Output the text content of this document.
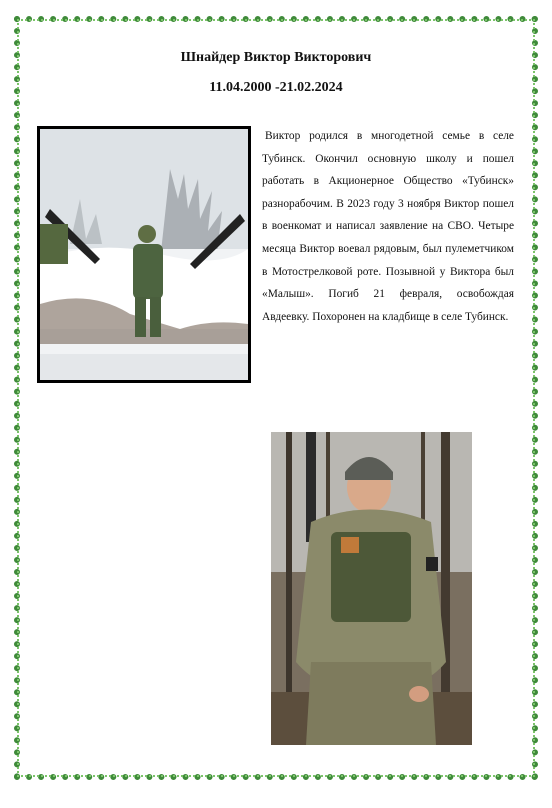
Шнайдер Виктор Викторович
11.04.2000 -21.02.2024

Виктор родился в многодетной семье в селе Тубинск. Окончил основную школу и пошел работать в Акционерное Общество «Тубинск» разнорабочим. В 2023 году 3 ноября Виктор пошел в военкомат и написал заявление на СВО. Четыре месяца Виктор воевал рядовым, был пулеметчиком в Мотострелковой роте. Позывной у Виктора был «Малыш». Погиб 21 февраля, освобождая Авдеевку. Похоронен на кладбище в селе Тубинск.
